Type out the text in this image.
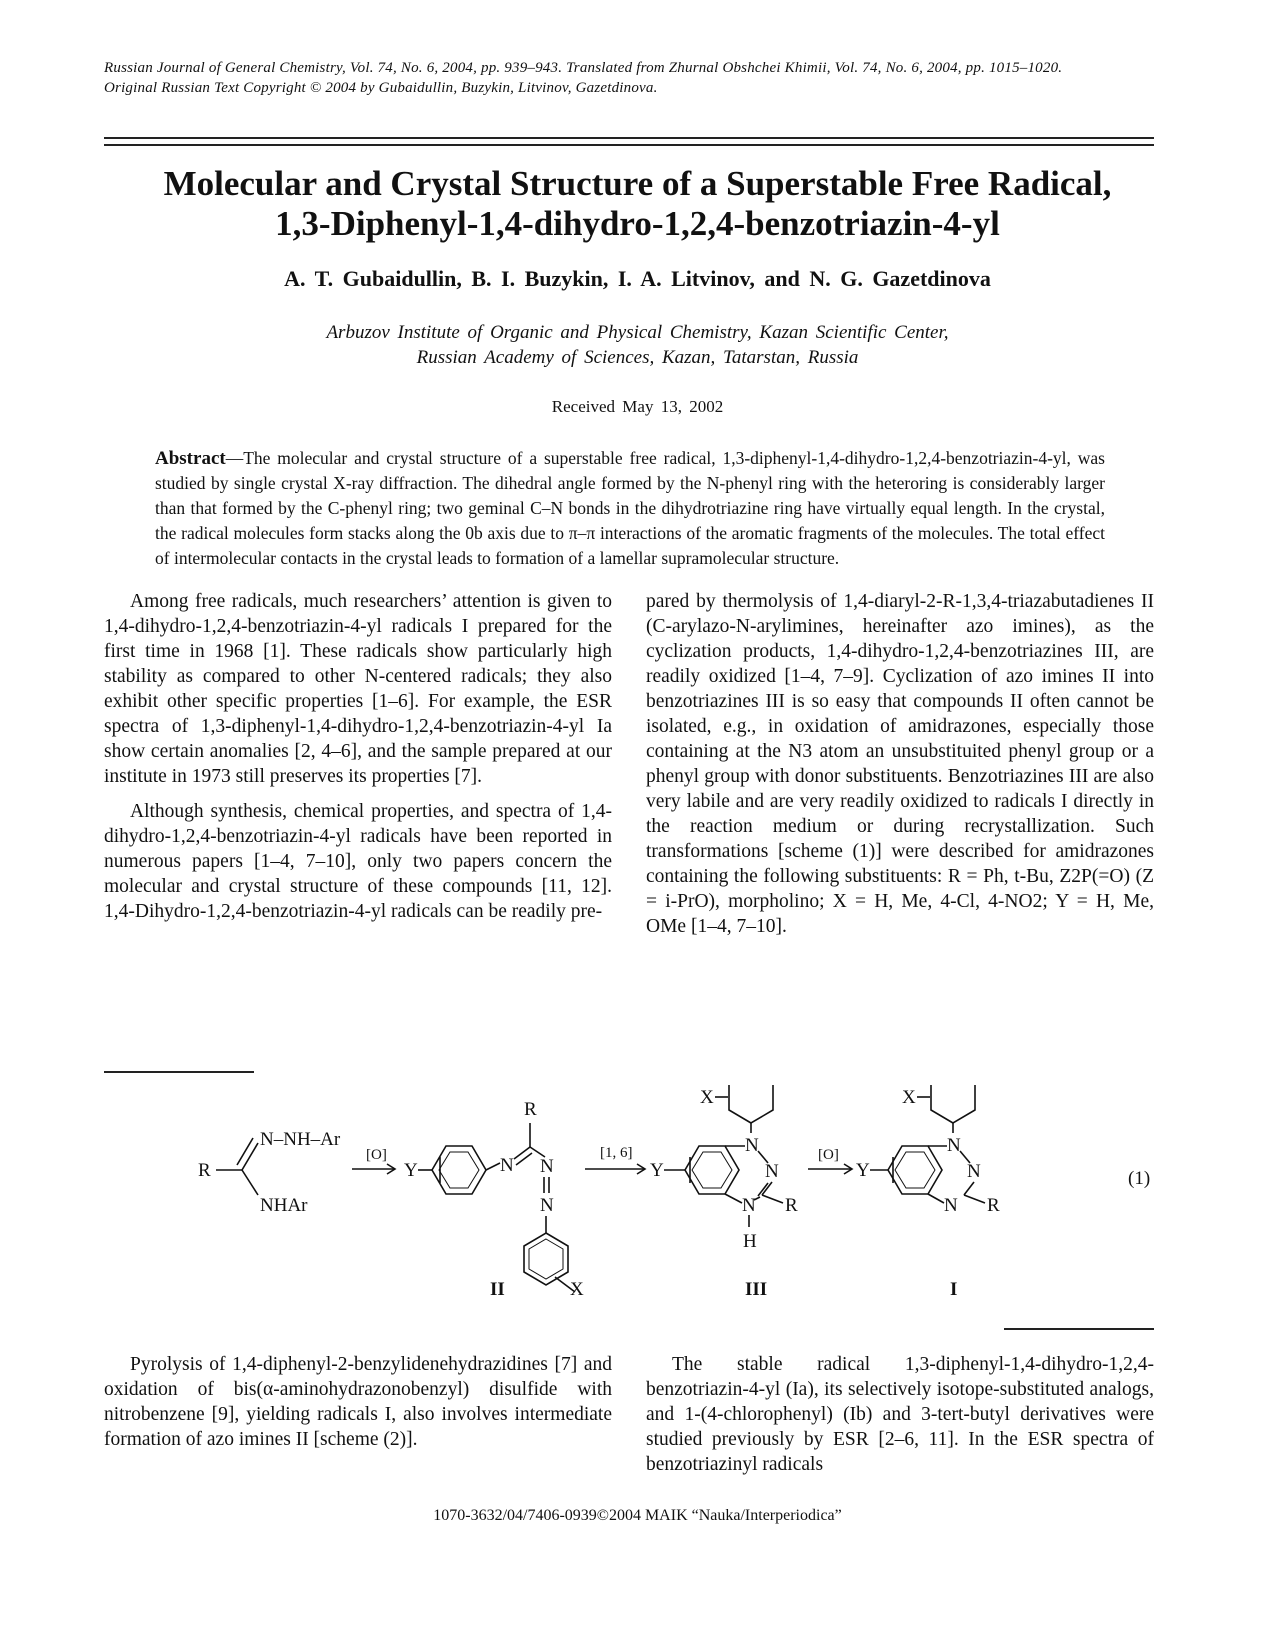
Russian Journal of General Chemistry, Vol. 74, No. 6, 2004, pp. 939–943. Translated from Zhurnal Obshchei Khimii, Vol. 74, No. 6, 2004, pp. 1015–1020.

Original Russian Text Copyright © 2004 by Gubaidullin, Buzykin, Litvinov, Gazetdinova.

Molecular and Crystal Structure of a Superstable Free Radical,
1,3-Diphenyl-1,4-dihydro-1,2,4-benzotriazin-4-yl
A. T. Gubaidullin, B. I. Buzykin, I. A. Litvinov, and N. G. Gazetdinova
Arbuzov Institute of Organic and Physical Chemistry, Kazan Scientific Center,
Russian Academy of Sciences, Kazan, Tatarstan, Russia
Received May 13, 2002

Abstract—The molecular and crystal structure of a superstable free radical, 1,3-diphenyl-1,4-dihydro-1,2,4-benzotriazin-4-yl, was studied by single crystal X-ray diffraction. The dihedral angle formed by the N-phenyl ring with the heteroring is considerably larger than that formed by the C-phenyl ring; two geminal C–N bonds in the dihydrotriazine ring have virtually equal length. In the crystal, the radical molecules form stacks along the 0b axis due to π–π interactions of the aromatic fragments of the molecules. The total effect of intermolecular contacts in the crystal leads to formation of a lamellar supramolecular structure.

Among free radicals, much researchers’ attention is given to 1,4-dihydro-1,2,4-benzotriazin-4-yl radicals I prepared for the first time in 1968 [1]. These radicals show particularly high stability as compared to other N-centered radicals; they also exhibit other specific properties [1–6]. For example, the ESR spectra of 1,3-diphenyl-1,4-dihydro-1,2,4-benzotriazin-4-yl Ia show certain anomalies [2, 4–6], and the sample prepared at our institute in 1973 still preserves its properties [7].

Although synthesis, chemical properties, and spectra of 1,4-dihydro-1,2,4-benzotriazin-4-yl radicals have been reported in numerous papers [1–4, 7–10], only two papers concern the molecular and crystal structure of these compounds [11, 12]. 1,4-Dihydro-1,2,4-benzotriazin-4-yl radicals can be readily pre-

pared by thermolysis of 1,4-diaryl-2-R-1,3,4-triazabutadienes II (C-arylazo-N-arylimines, hereinafter azo imines), as the cyclization products, 1,4-dihydro-1,2,4-benzotriazines III, are readily oxidized [1–4, 7–9]. Cyclization of azo imines II into benzotriazines III is so easy that compounds II often cannot be isolated, e.g., in oxidation of amidrazones, especially those containing at the N3 atom an unsubstituited phenyl group or a phenyl group with donor substituents. Benzotriazines III are also very labile and are very readily oxidized to radicals I directly in the reaction medium or during recrystallization. Such transformations [scheme (1)] were described for amidrazones containing the following substituents: R = Ph, t-Bu, Z2P(=O) (Z = i-PrO), morpholino; X = H, Me, 4-Cl, 4-NO2; Y = H, Me, OMe [1–4, 7–10].

R
N–NH–Ar
NHAr
[O]
Y	N
R
N
N
X
II
[1, 6]
Y
N
N
R
N
H
X
III
[O]
Y
N
N
R
N
X
I
(1)

Pyrolysis of 1,4-diphenyl-2-benzylidenehydrazidines [7] and oxidation of bis(α-aminohydrazonobenzyl) disulfide with nitrobenzene [9], yielding radicals I, also involves intermediate formation of azo imines II [scheme (2)].

The stable radical 1,3-diphenyl-1,4-dihydro-1,2,4-benzotriazin-4-yl (Ia), its selectively isotope-substituted analogs, and 1-(4-chlorophenyl) (Ib) and 3-tert-butyl derivatives were studied previously by ESR [2–6, 11]. In the ESR spectra of benzotriazinyl radicals

1070-3632/04/7406-0939©2004 MAIK “Nauka/Interperiodica”
